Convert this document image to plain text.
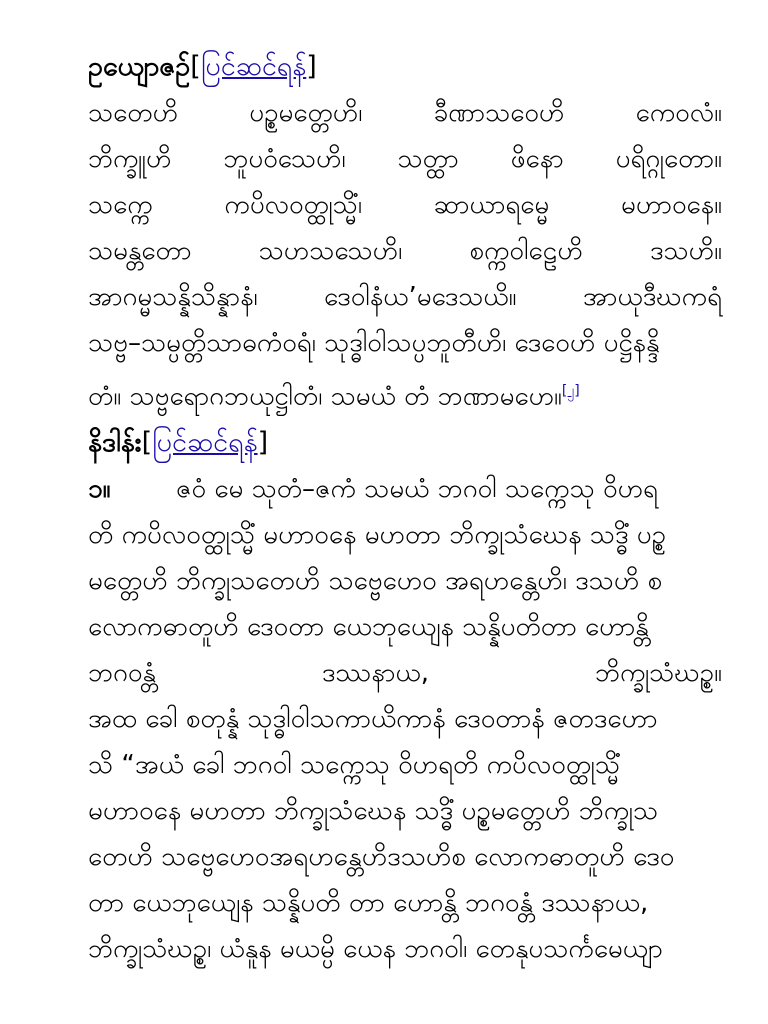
ဥယျောဇဉ်[ပြင်ဆင်ရန်]
သတေဟိ	ပဥ္စမတ္တေဟိ၊	ခီဏာသဝေဟိ	ကေဝလံ။
ဘိက္ခူဟိ ဘူပဝံသေဟိ၊ သတ္ထာ ဖိနော ပရိဂ္ဂုတော။
သက္ကေ	ကပိလဝတ္ထုသ္မိံ၊	ဆာယာရမ္မေ	မဟာဝနေ။
သမန္တတော	သဟသသေဟိ၊	စက္ကဝါဠေဟိ	ဒသဟိ။
အာဂမ္မသန္နိသိန္နာနံ၊	ဒေဝါနံယ’မဒေသယိ။	အာယုဒီဃကရံ
သဗ္ဗ–သမ္ပတ္တိသာဓကံဝရံ၊ သုဒ္ဓါဝါသပ္ပဘူတီဟိ၊ ဒေဝေဟိ ပဋ္ဌိနန္ဒိ
တံ။ သဗ္ဗရောဂဘယုဋ္ဌါတံ၊ သမယံ တံ ဘဏာမဟေ။[၂]
နိဒါန်း[ပြင်ဆင်ရန်]
၁။	ဇဝံ မေ သုတံ–ဇကံ သမယံ ဘဂဝါ သက္ကေသု ဝိဟရ
တိ ကပိလဝတ္ထုသ္မိံ မဟာဝနေ မဟတာ ဘိက္ခုသံဃေန သဒ္ဓိံ ပဥ္စ
မတ္တေဟိ ဘိက္ခုသတေဟိ သဗ္ဗေဟေဝ အရဟန္တေဟိ၊ ဒသဟိ စ
လောကဓာတူဟိ ဒေဝတာ ယေဘုယျေန သန္နိပတိတာ ဟောန္တိ
ဘဂဝန္တံ	ဒဿနာယ,	ဘိက္ခုသံဃဥ္စ။
အထ ခေါ စတုန္နံ သုဒ္ဓါဝါသကာယိကာနံ ဒေဝတာနံ ဇတဒဟော
သိ “အယံ ခေါ ဘဂဝါ သက္ကေသု ဝိဟရတိ ကပိလဝတ္ထုသ္မိံ
မဟာဝနေ မဟတာ ဘိက္ခုသံဃေန သဒ္ဓိံ ပဥ္စမတ္တေဟိ ဘိက္ခုသ
တေဟိ သဗ္ဗေဟေဝအရဟန္တေဟိဒသဟိစ လောကဓာတူဟိ ဒေဝ
တာ ယေဘုယျေန သန္နိပတိ တာ ဟောန္တိ ဘဂဝန္တံ ဒဿနာယ,
ဘိက္ခုသံဃဥ္စ၊ ယံနူန မယမ္ပိ ယေန ဘဂဝါ၊ တေနုပသင်္ကမေယျာ
